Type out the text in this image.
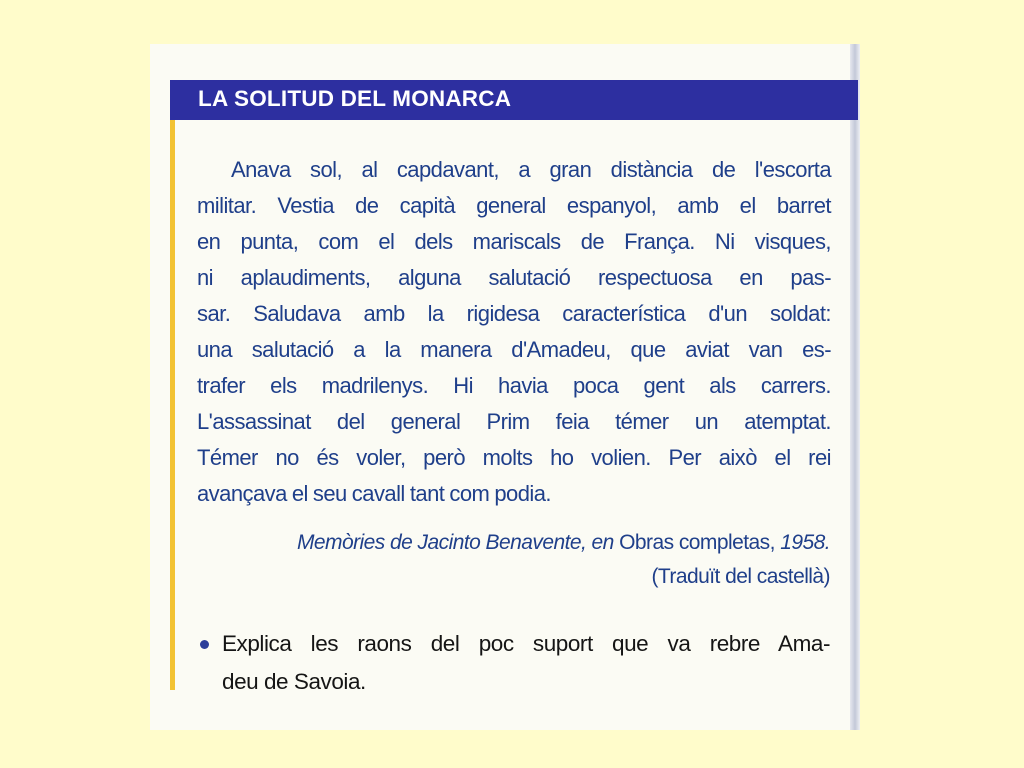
LA SOLITUD DEL MONARCA
Anava sol, al capdavant, a gran distància de l'escorta
militar. Vestia de capità general espanyol, amb el barret
en punta, com el dels mariscals de França. Ni visques,
ni aplaudiments, alguna salutació respectuosa en pas-
sar. Saludava amb la rigidesa característica d'un soldat:
una salutació a la manera d'Amadeu, que aviat van es-
trafer els madrilenys. Hi havia poca gent als carrers.
L'assassinat del general Prim feia témer un atemptat.
Témer no és voler, però molts ho volien. Per això el rei
avançava el seu cavall tant com podia.
Memòries de Jacinto Benavente, en Obras completas, 1958.
(Traduït del castellà)
Explica les raons del poc suport que va rebre Ama-
deu de Savoia.
